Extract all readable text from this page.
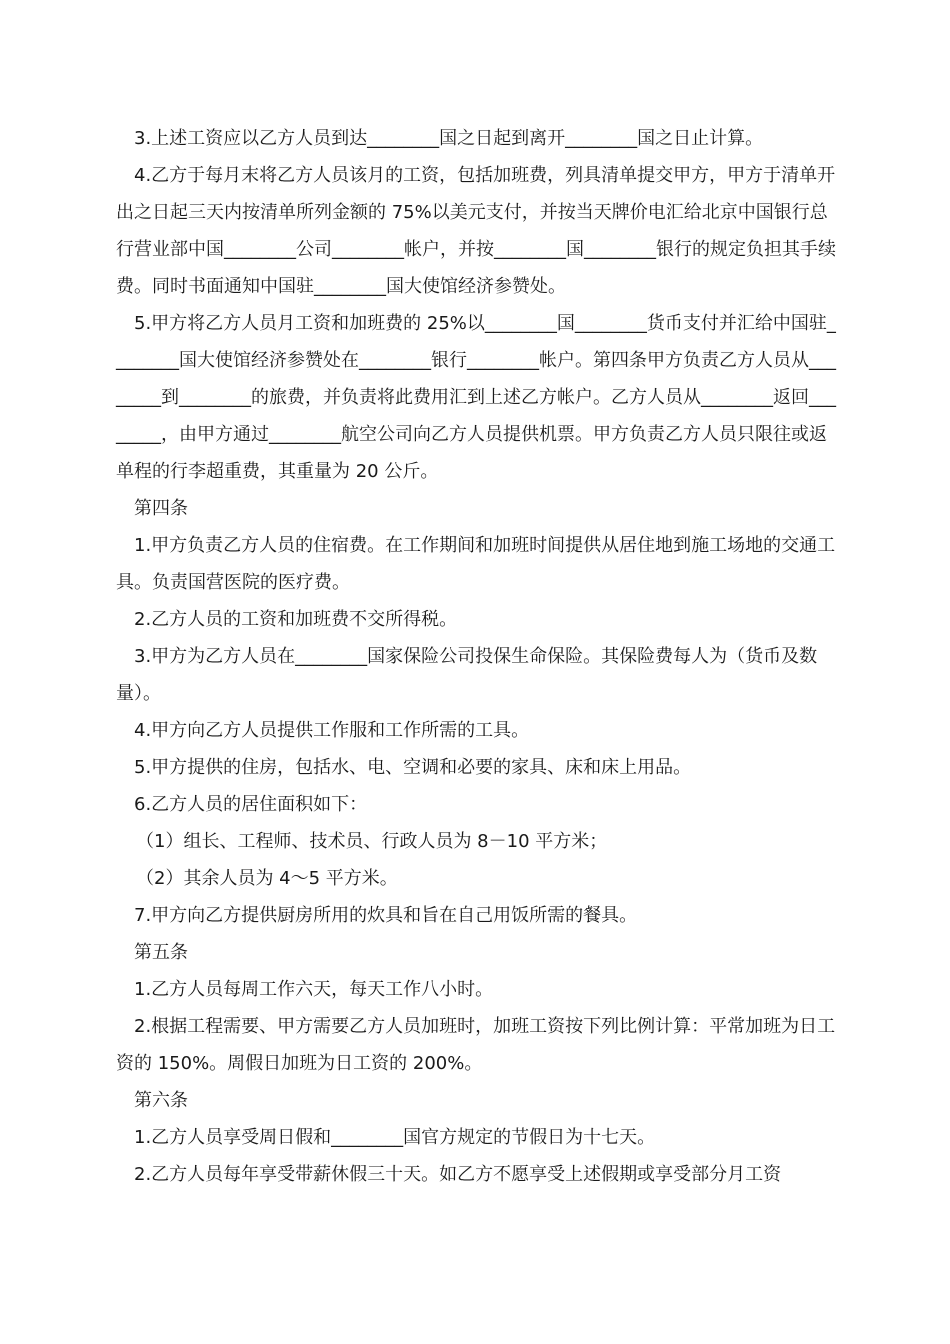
3.上述工资应以乙方人员到达________国之日起到离开________国之日止计算。

4.乙方于每月末将乙方人员该月的工资，包括加班费，列具清单提交甲方，甲方于清单开出之日起三天内按清单所列金额的 75%以美元支付，并按当天牌价电汇给北京中国银行总行营业部中国________公司________帐户，并按________国________银行的规定负担其手续费。同时书面通知中国驻________国大使馆经济参赞处。

5.甲方将乙方人员月工资和加班费的 25%以________国________货币支付并汇给中国驻________国大使馆经济参赞处在________银行________帐户。第四条甲方负责乙方人员从________到________的旅费，并负责将此费用汇到上述乙方帐户。乙方人员从________返回________，由甲方通过________航空公司向乙方人员提供机票。甲方负责乙方人员只限往或返单程的行李超重费，其重量为 20 公斤。

第四条

1.甲方负责乙方人员的住宿费。在工作期间和加班时间提供从居住地到施工场地的交通工具。负责国营医院的医疗费。

2.乙方人员的工资和加班费不交所得税。

3.甲方为乙方人员在________国家保险公司投保生命保险。其保险费每人为（货币及数量）。

4.甲方向乙方人员提供工作服和工作所需的工具。

5.甲方提供的住房，包括水、电、空调和必要的家具、床和床上用品。

6.乙方人员的居住面积如下：

（1）组长、工程师、技术员、行政人员为 8－10 平方米；

（2）其余人员为 4～5 平方米。

7.甲方向乙方提供厨房所用的炊具和旨在自己用饭所需的餐具。

第五条

1.乙方人员每周工作六天，每天工作八小时。

2.根据工程需要、甲方需要乙方人员加班时，加班工资按下列比例计算：平常加班为日工资的 150%。周假日加班为日工资的 200%。

第六条

1.乙方人员享受周日假和________国官方规定的节假日为十七天。

2.乙方人员每年享受带薪休假三十天。如乙方不愿享受上述假期或享受部分月工资
